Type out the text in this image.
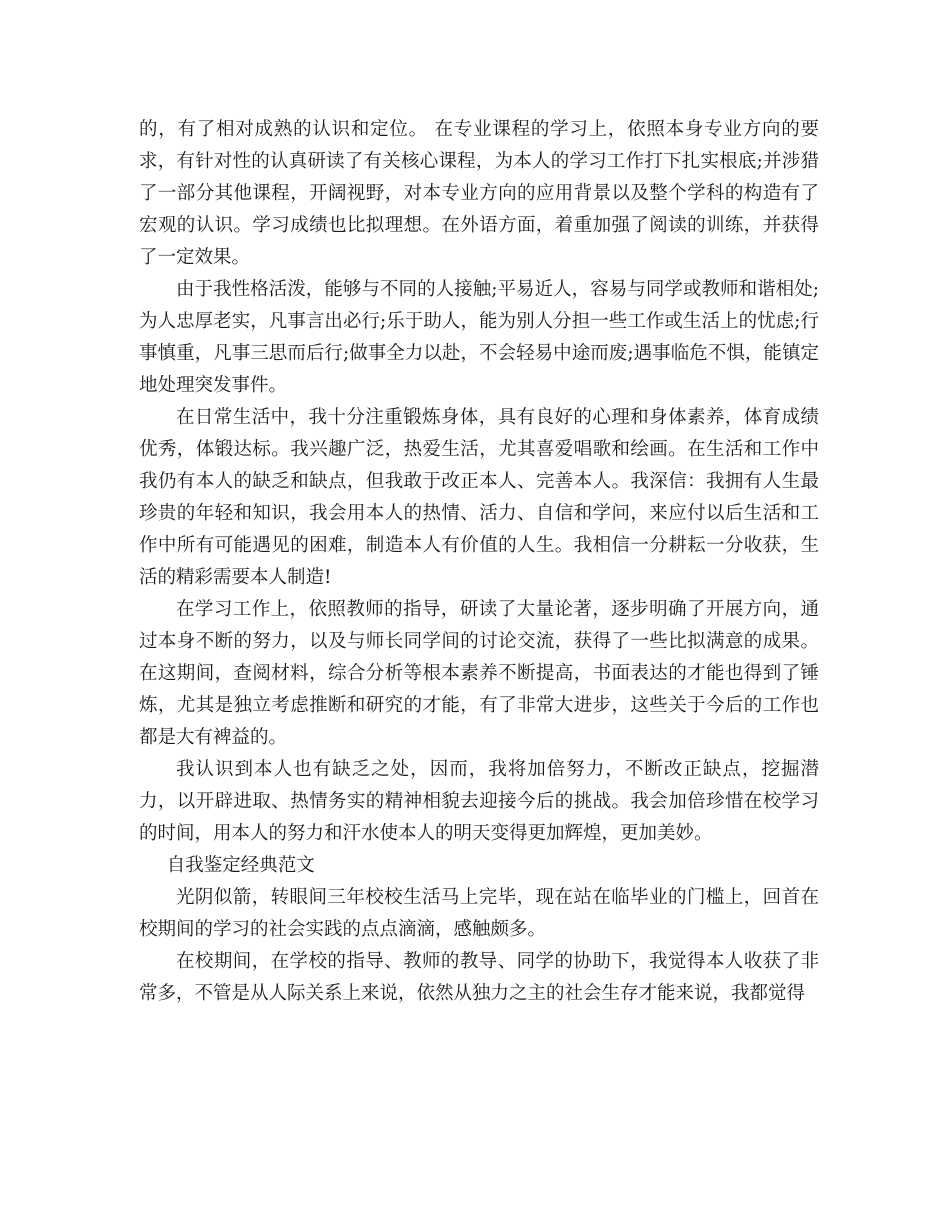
的，有了相对成熟的认识和定位。 在专业课程的学习上，依照本身专业方向的要求，有针对性的认真研读了有关核心课程，为本人的学习工作打下扎实根底;并涉猎了一部分其他课程，开阔视野，对本专业方向的应用背景以及整个学科的构造有了宏观的认识。学习成绩也比拟理想。在外语方面，着重加强了阅读的训练，并获得了一定效果。

由于我性格活泼，能够与不同的人接触;平易近人，容易与同学或教师和谐相处;为人忠厚老实，凡事言出必行;乐于助人，能为别人分担一些工作或生活上的忧虑;行事慎重，凡事三思而后行;做事全力以赴，不会轻易中途而废;遇事临危不惧，能镇定地处理突发事件。

在日常生活中，我十分注重锻炼身体，具有良好的心理和身体素养，体育成绩优秀，体锻达标。我兴趣广泛，热爱生活，尤其喜爱唱歌和绘画。在生活和工作中我仍有本人的缺乏和缺点，但我敢于改正本人、完善本人。我深信：我拥有人生最珍贵的年轻和知识，我会用本人的热情、活力、自信和学问，来应付以后生活和工作中所有可能遇见的困难，制造本人有价值的人生。我相信一分耕耘一分收获，生活的精彩需要本人制造!

在学习工作上，依照教师的指导，研读了大量论著，逐步明确了开展方向，通过本身不断的努力，以及与师长同学间的讨论交流，获得了一些比拟满意的成果。在这期间，查阅材料，综合分析等根本素养不断提高，书面表达的才能也得到了锤炼，尤其是独立考虑推断和研究的才能，有了非常大进步，这些关于今后的工作也都是大有裨益的。

我认识到本人也有缺乏之处，因而，我将加倍努力，不断改正缺点，挖掘潜力，以开辟进取、热情务实的精神相貌去迎接今后的挑战。我会加倍珍惜在校学习的时间，用本人的努力和汗水使本人的明天变得更加辉煌，更加美妙。

自我鉴定经典范文

光阴似箭，转眼间三年校校生活马上完毕，现在站在临毕业的门槛上，回首在校期间的学习的社会实践的点点滴滴，感触颇多。

在校期间，在学校的指导、教师的教导、同学的协助下，我觉得本人收获了非常多，不管是从人际关系上来说，依然从独力之主的社会生存才能来说，我都觉得
